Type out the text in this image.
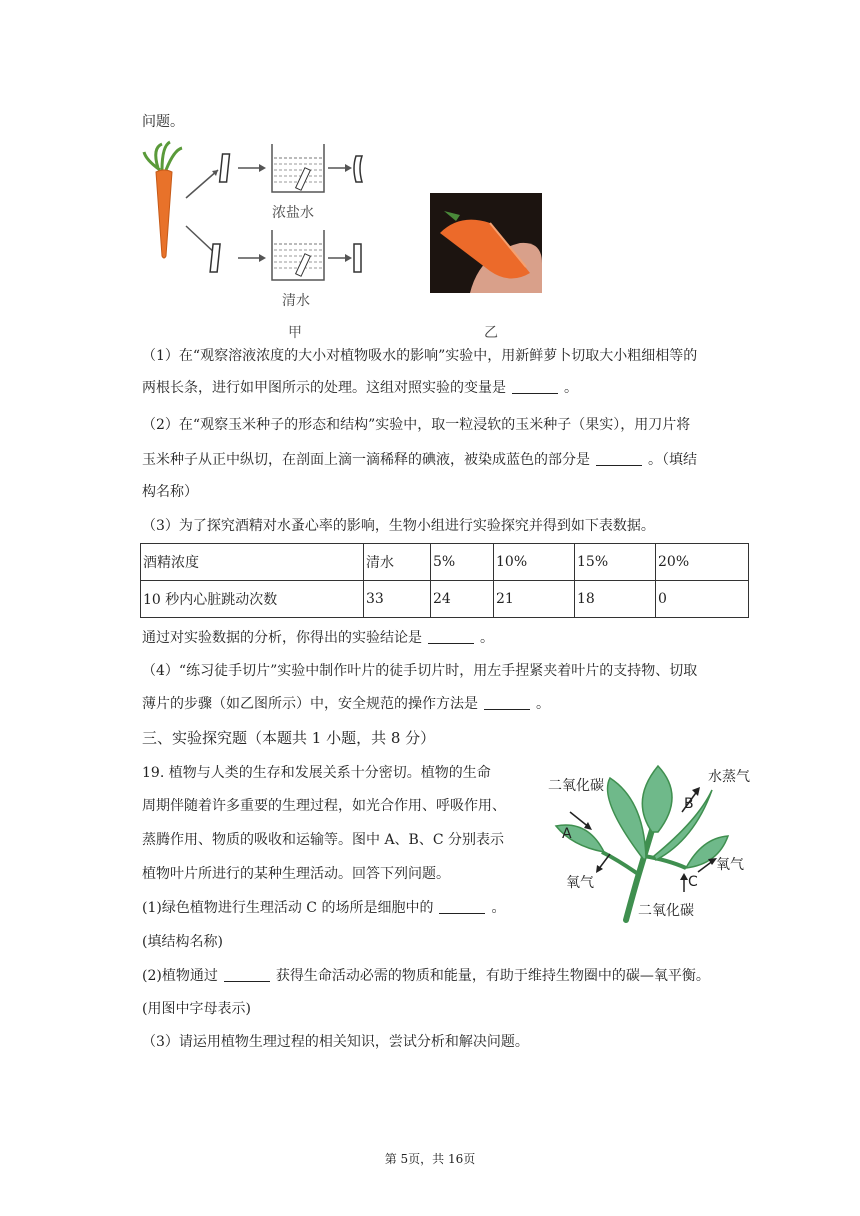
问题。
浓盐水
清水
甲	乙
（1）在“观察溶液浓度的大小对植物吸水的影响”实验中，用新鲜萝卜切取大小粗细相等的
两根长条，进行如甲图所示的处理。这组对照实验的变量是	。
（2）在“观察玉米种子的形态和结构”实验中，取一粒浸软的玉米种子（果实），用刀片将
玉米种子从正中纵切，在剖面上滴一滴稀释的碘液，被染成蓝色的部分是	。（填结
构名称）
（3）为了探究酒精对水蚤心率的影响，生物小组进行实验探究并得到如下表数据。
酒精浓度	清水	5%	10%	15%	20%
10 秒内心脏跳动次数	33	24	21	18	0
通过对实验数据的分析，你得出的实验结论是	。
（4）“练习徒手切片”实验中制作叶片的徒手切片时，用左手捏紧夹着叶片的支持物、切取
薄片的步骤（如乙图所示）中，安全规范的操作方法是	。
三、实验探究题（本题共 1 小题，共 8 分）
19. 植物与人类的生存和发展关系十分密切。植物的生命
周期伴随着许多重要的生理过程，如光合作用、呼吸作用、
蒸腾作用、物质的吸收和运输等。图中 A、B、C 分别表示
植物叶片所进行的某种生理活动。回答下列问题。
(1)绿色植物进行生理活动 C 的场所是细胞中的	。
(填结构名称)
(2)植物通过	获得生命活动必需的物质和能量，有助于维持生物圈中的碳—氧平衡。
(用图中字母表示)
（3）请运用植物生理过程的相关知识，尝试分析和解决问题。
二氧化碳
水蒸气
B
A
氧气
氧气
C
二氧化碳
第 5页，共 16页
